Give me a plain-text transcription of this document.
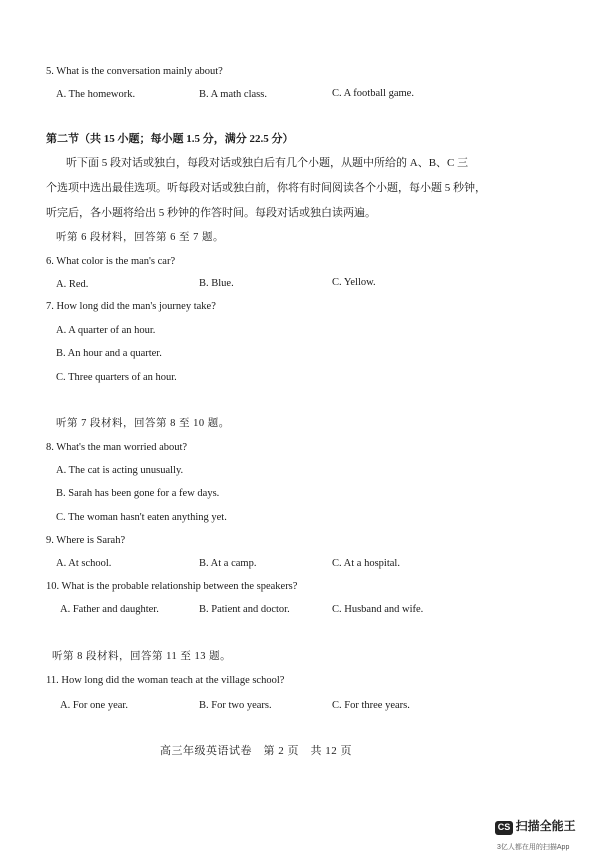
5. What is the conversation mainly about?
A. The homework.	B. A math class.	C. A football game.
第二节（共 15 小题；每小题 1.5 分，满分 22.5 分）
听下面 5 段对话或独白，每段对话或独白后有几个小题，从题中所给的 A、B、C 三
个选项中选出最佳选项。听每段对话或独白前，你将有时间阅读各个小题，每小题 5 秒钟，
听完后，各小题将给出 5 秒钟的作答时间。每段对话或独白读两遍。
听第 6 段材料，回答第 6 至 7 题。
6. What color is the man's car?
A. Red.	B. Blue.	C. Yellow.
7. How long did the man's journey take?
A. A quarter of an hour.
B. An hour and a quarter.
C. Three quarters of an hour.
听第 7 段材料，回答第 8 至 10 题。
8. What's the man worried about?
A. The cat is acting unusually.
B. Sarah has been gone for a few days.
C. The woman hasn't eaten anything yet.
9. Where is Sarah?
A. At school.	B. At a camp.	C. At a hospital.
10. What is the probable relationship between the speakers?
A. Father and daughter.	B. Patient and doctor.	C. Husband and wife.
听第 8 段材料，回答第 11 至 13 题。
11. How long did the woman teach at the village school?
A. For one year.	B. For two years.	C. For three years.
高三年级英语试卷　第 2 页　共 12 页
CS 扫描全能王
3亿人都在用的扫描App
